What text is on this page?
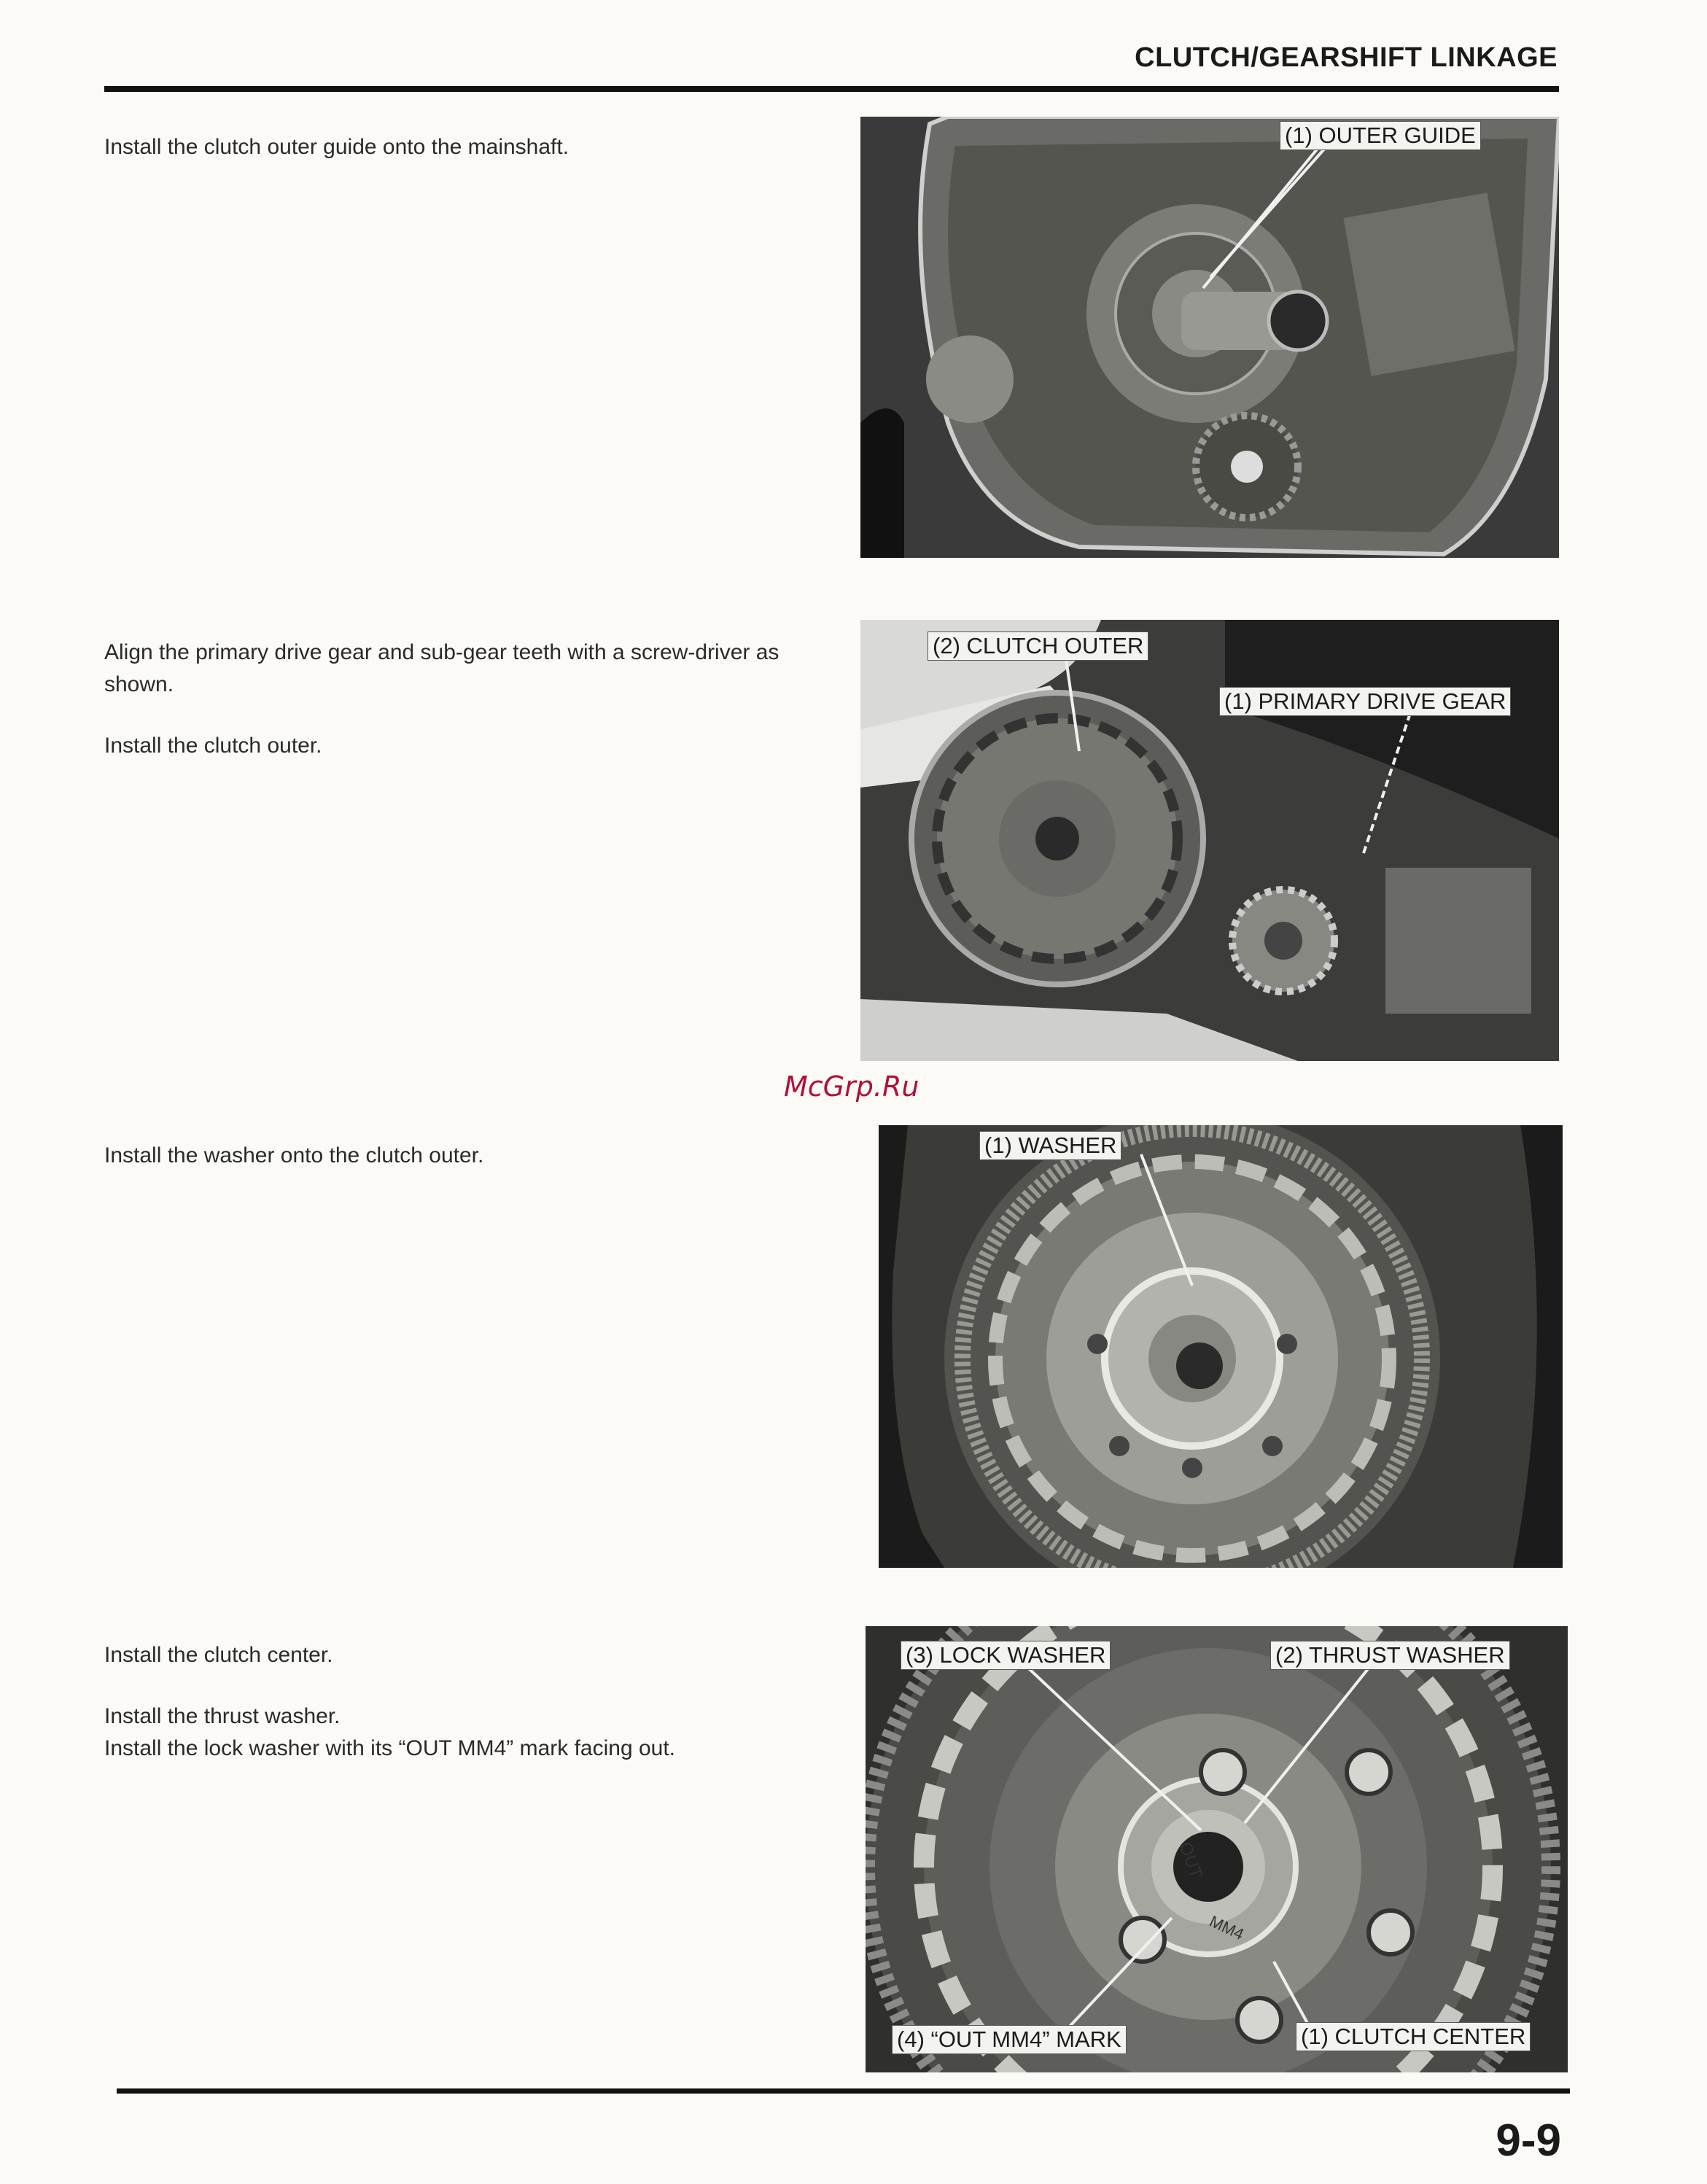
CLUTCH/GEARSHIFT LINKAGE

Install the clutch outer guide onto the mainshaft.	(1) OUTER GUIDE

Align the primary drive gear and sub-gear teeth with a screw-driver as shown.

Install the clutch outer.

(2) CLUTCH OUTER
(1) PRIMARY DRIVE GEAR
McGrp.Ru

Install the washer onto the clutch outer.	(1) WASHER

Install the clutch center.

Install the thrust washer.

Install the lock washer with its “OUT MM4” mark facing out.

OUT
MM4
(3) LOCK WASHER	(2) THRUST WASHER
(4) “OUT MM4” MARK	(1) CLUTCH CENTER
9-9
